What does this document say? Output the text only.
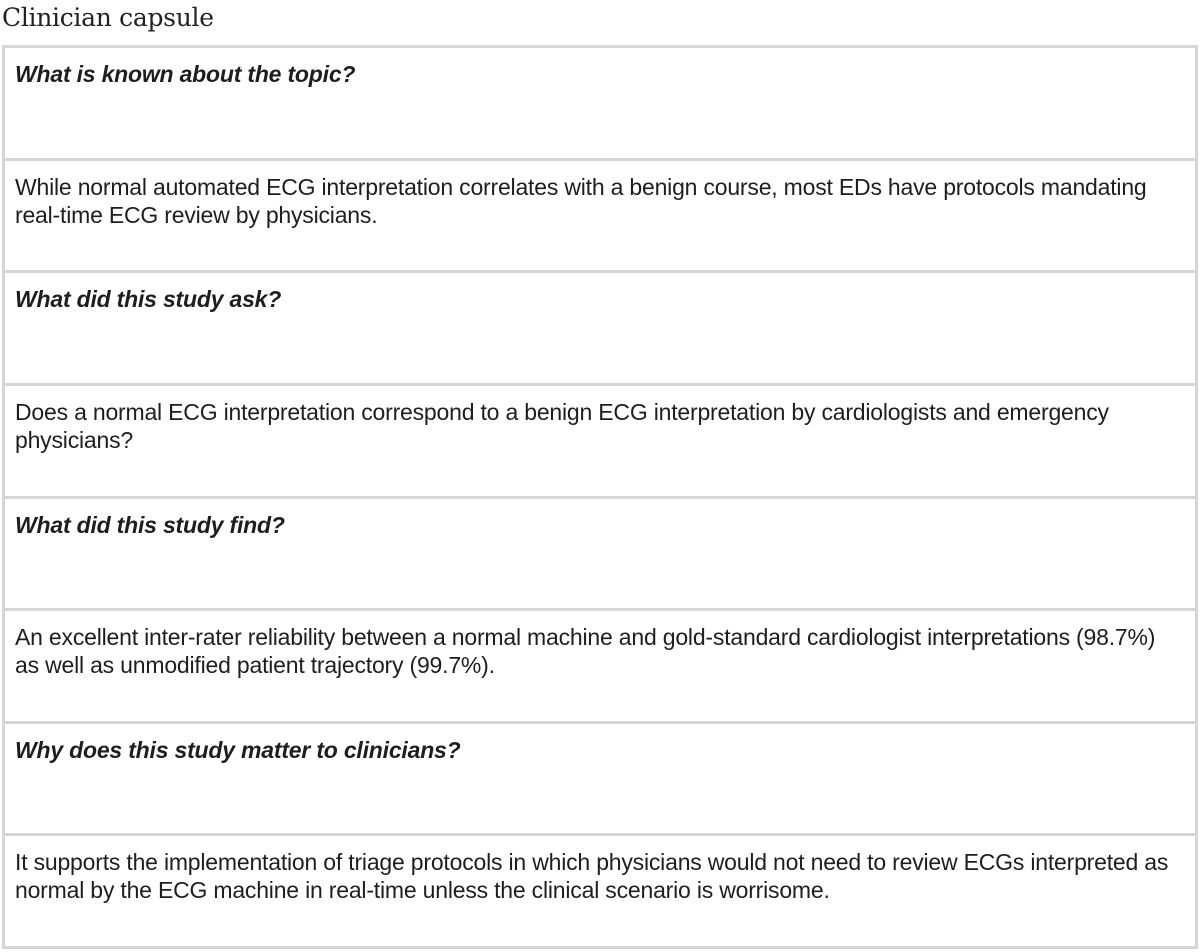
Clinician capsule
What is known about the topic?
While normal automated ECG interpretation correlates with a benign course, most EDs have protocols mandating real-time ECG review by physicians.
What did this study ask?
Does a normal ECG interpretation correspond to a benign ECG interpretation by cardiologists and emergency physicians?
What did this study find?
An excellent inter-rater reliability between a normal machine and gold-standard cardiologist interpretations (98.7%) as well as unmodified patient trajectory (99.7%).
Why does this study matter to clinicians?
It supports the implementation of triage protocols in which physicians would not need to review ECGs interpreted as normal by the ECG machine in real-time unless the clinical scenario is worrisome.
